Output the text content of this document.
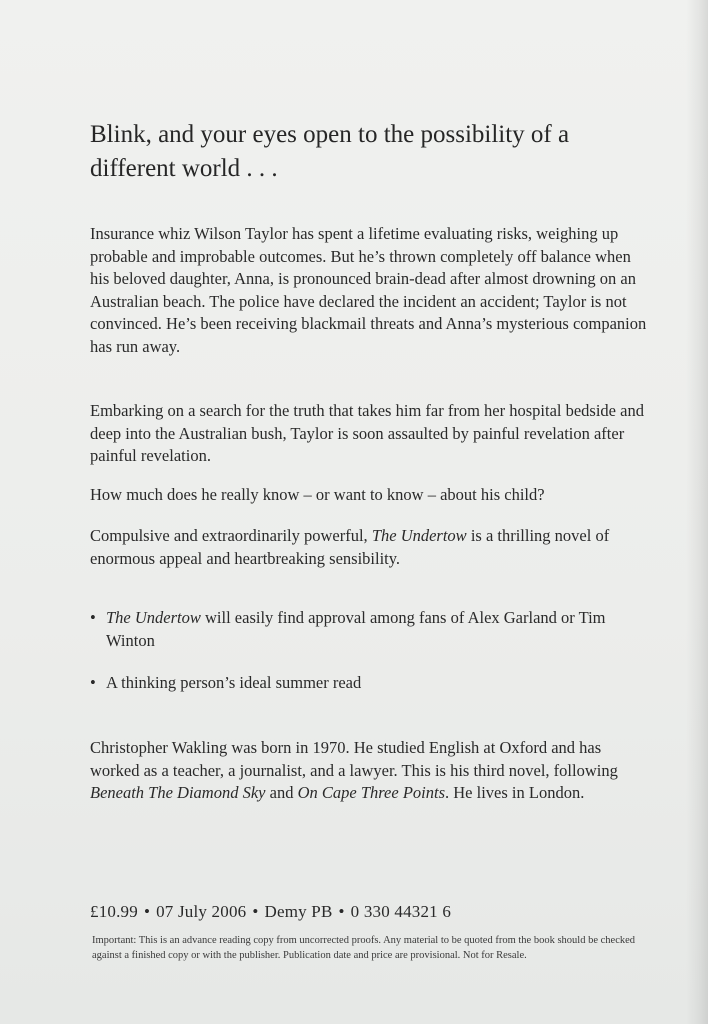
Blink, and your eyes open to the possibility of a different world . . .

Insurance whiz Wilson Taylor has spent a lifetime evaluating risks, weighing up probable and improbable outcomes. But he’s thrown completely off balance when his beloved daughter, Anna, is pronounced brain-dead after almost drowning on an Australian beach. The police have declared the incident an accident; Taylor is not convinced. He’s been receiving blackmail threats and Anna’s mysterious companion has run away.

Embarking on a search for the truth that takes him far from her hospital bedside and deep into the Australian bush, Taylor is soon assaulted by painful revelation after painful revelation.

How much does he really know – or want to know – about his child?

Compulsive and extraordinarily powerful, The Undertow is a thrilling novel of enormous appeal and heartbreaking sensibility.

• The Undertow will easily find approval among fans of Alex Garland or Tim Winton
• A thinking person’s ideal summer read

Christopher Wakling was born in 1970. He studied English at Oxford and has worked as a teacher, a journalist, and a lawyer. This is his third novel, following Beneath The Diamond Sky and On Cape Three Points. He lives in London.

£10.99 • 07 July 2006 • Demy PB • 0 330 44321 6

Important: This is an advance reading copy from uncorrected proofs. Any material to be quoted from the book should be checked against a finished copy or with the publisher. Publication date and price are provisional. Not for Resale.
